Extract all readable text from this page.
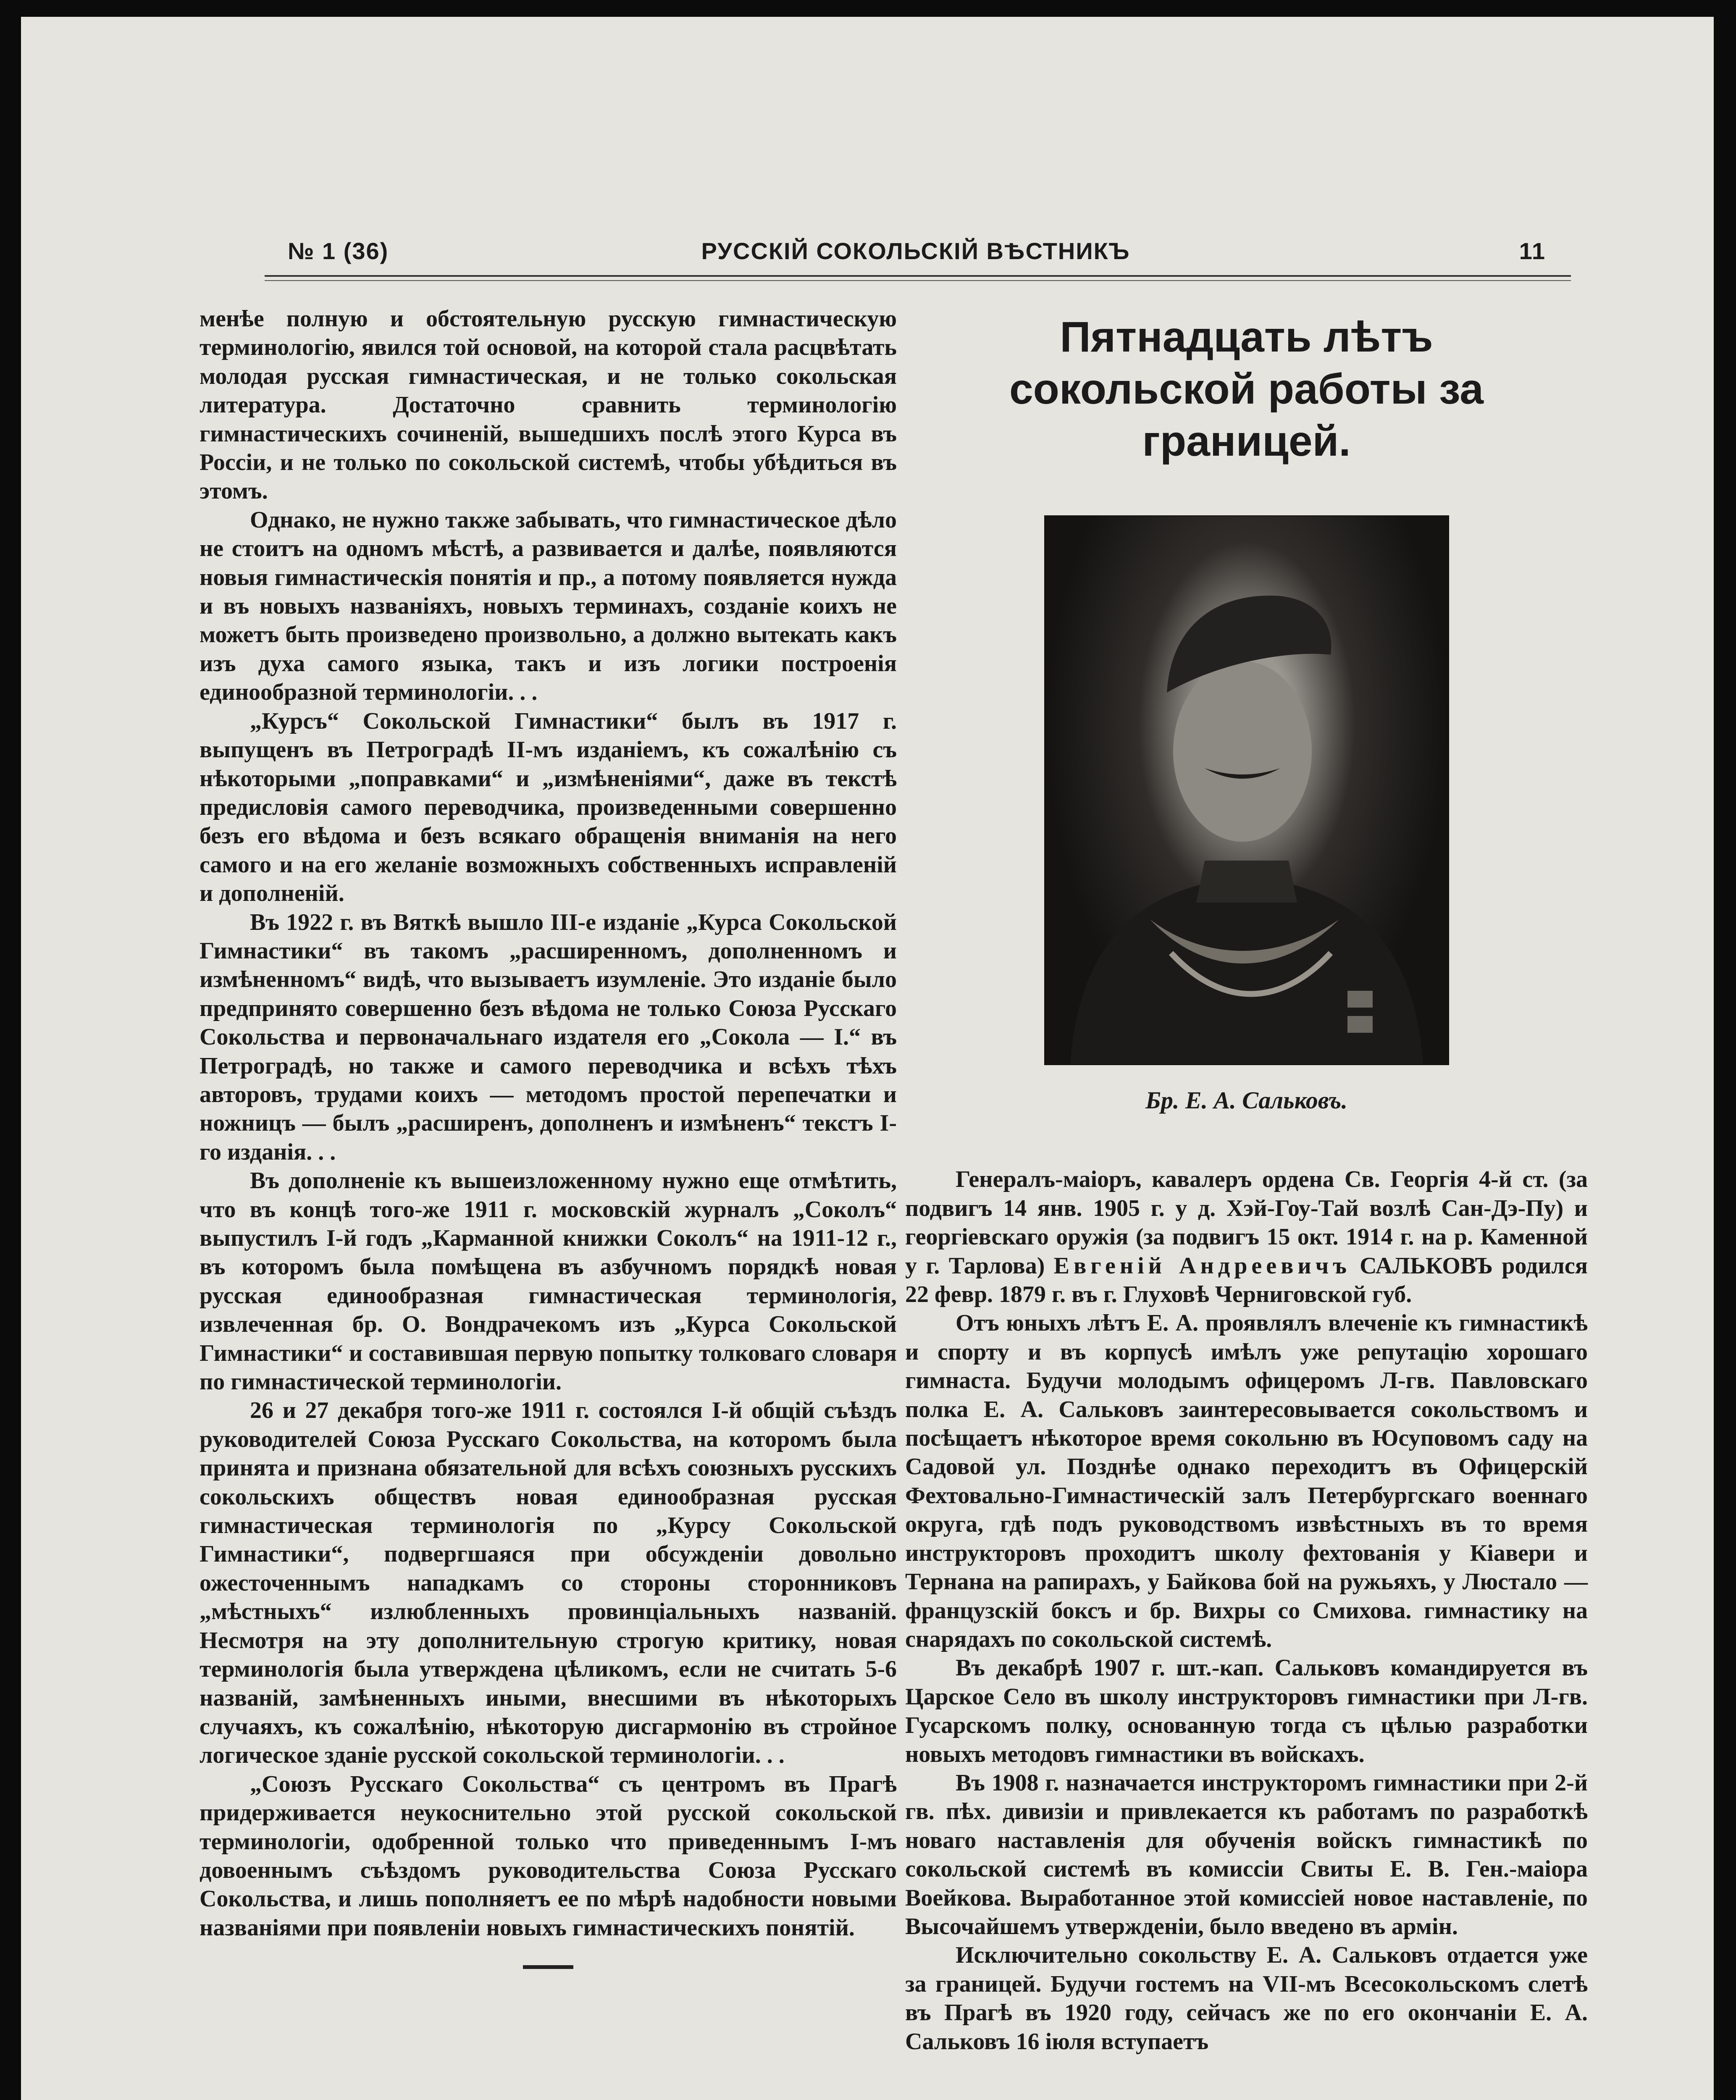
№ 1 (36)	РУССКІЙ СОКОЛЬСКІЙ ВѢСТНИКЪ	11

менѣе полную и обстоятельную русскую гимнастическую терминологію, явился той основой, на которой стала расцвѣтать молодая русская гимнастическая, и не только сокольская литература. Достаточно сравнить терминологію гимнастическихъ сочиненій, вышедшихъ послѣ этого Курса въ Россіи, и не только по сокольской системѣ, чтобы убѣдиться въ этомъ.

Однако, не нужно также забывать, что гимнастическое дѣло не стоитъ на одномъ мѣстѣ, а развивается и далѣе, появляются новыя гимнастическія понятія и пр., а потому появляется нужда и въ новыхъ названіяхъ, новыхъ терминахъ, созданіе коихъ не можетъ быть произведено произвольно, а должно вытекать какъ изъ духа самого языка, такъ и изъ логики построенія единообразной терминологіи. . .

„Курсъ“ Сокольской Гимнастики“ былъ въ 1917 г. выпущенъ въ Петроградѣ II-мъ изданіемъ, къ сожалѣнію съ нѣкоторыми „поправками“ и „измѣненіями“, даже въ текстѣ предисловія самого переводчика, произведенными совершенно безъ его вѣдома и безъ всякаго обращенія вниманія на него самого и на его желаніе возможныхъ собственныхъ исправленій и дополненій.

Въ 1922 г. въ Вяткѣ вышло III-е изданіе „Курса Сокольской Гимнастики“ въ такомъ „расширенномъ, дополненномъ и измѣненномъ“ видѣ, что вызываетъ изумленіе. Это изданіе было предпринято совершенно безъ вѣдома не только Союза Русскаго Сокольства и первоначальнаго издателя его „Сокола — I.“ въ Петроградѣ, но также и самого переводчика и всѣхъ тѣхъ авторовъ, трудами коихъ — методомъ простой перепечатки и ножницъ — былъ „расширенъ, дополненъ и измѣненъ“ текстъ I-го изданія. . .

Въ дополненіе къ вышеизложенному нужно еще отмѣтить, что въ концѣ того-же 1911 г. московскій журналъ „Соколъ“ выпустилъ I-й годъ „Карманной книжки Соколъ“ на 1911-12 г., въ которомъ была помѣщена въ азбучномъ порядкѣ новая русская единообразная гимнастическая терминологія, извлеченная бр. О. Вондрачекомъ изъ „Курса Сокольской Гимнастики“ и составившая первую попытку толковаго словаря по гимнастической терминологіи.

26 и 27 декабря того-же 1911 г. состоялся I-й общій съѣздъ руководителей Союза Русскаго Сокольства, на которомъ была принята и признана обязательной для всѣхъ союзныхъ русскихъ сокольскихъ обществъ новая единообразная русская гимнастическая терминологія по „Курсу Сокольской Гимнастики“, подвергшаяся при обсужденіи довольно ожесточеннымъ нападкамъ со стороны сторонниковъ „мѣстныхъ“ излюбленныхъ провинціальныхъ названій. Несмотря на эту дополнительную строгую критику, новая терминологія была утверждена цѣликомъ, если не считать 5-6 названій, замѣненныхъ иными, внесшими въ нѣкоторыхъ случаяхъ, къ сожалѣнію, нѣкоторую дисгармонію въ стройное логическое зданіе русской сокольской терминологіи. . .

„Союзъ Русскаго Сокольства“ съ центромъ въ Прагѣ придерживается неукоснительно этой русской сокольской терминологіи, одобренной только что приведеннымъ I-мъ довоеннымъ съѣздомъ руководительства Союза Русскаго Сокольства, и лишь пополняетъ ее по мѣрѣ надобности новыми названіями при появленіи новыхъ гимнастическихъ понятій.

Пятнадцать лѣтъ
сокольской работы за границей.
Бр. Е. А. Сальковъ.

Генералъ-маіоръ, кавалеръ ордена Св. Георгія 4-й ст. (за подвигъ 14 янв. 1905 г. у д. Хэй-Гоу-Тай возлѣ Сан-Дэ-Пу) и георгіевскаго оружія (за подвигъ 15 окт. 1914 г. на р. Каменной у г. Тарлова) Евгеній Андреевичъ САЛЬКОВЪ родился 22 февр. 1879 г. въ г. Глуховѣ Черниговской губ.

Отъ юныхъ лѣтъ Е. А. проявлялъ влеченіе къ гимнастикѣ и спорту и въ корпусѣ имѣлъ уже репутацію хорошаго гимнаста. Будучи молодымъ офицеромъ Л-гв. Павловскаго полка Е. А. Сальковъ заинтересовывается сокольствомъ и посѣщаетъ нѣкоторое время сокольню въ Юсуповомъ саду на Садовой ул. Позднѣе однако переходитъ въ Офицерскій Фехтовально-Гимнастическій залъ Петербургскаго военнаго округа, гдѣ подъ руководствомъ извѣстныхъ въ то время инструкторовъ проходитъ школу фехтованія у Кіавери и Тернана на рапирахъ, у Байкова бой на ружьяхъ, у Люстало — французскій боксъ и бр. Вихры со Смихова. гимнастику на снарядахъ по сокольской системѣ.

Въ декабрѣ 1907 г. шт.-кап. Сальковъ командируется въ Царское Село въ школу инструкторовъ гимнастики при Л-гв. Гусарскомъ полку, основанную тогда съ цѣлью разработки новыхъ методовъ гимнастики въ войскахъ.

Въ 1908 г. назначается инструкторомъ гимнастики при 2-й гв. пѣх. дивизіи и привлекается къ работамъ по разработкѣ новаго наставленія для обученія войскъ гимнастикѣ по сокольской системѣ въ комиссіи Свиты Е. В. Ген.-маіора Воейкова. Выработанное этой комиссіей новое наставленіе, по Высочайшемъ утвержденіи, было введено въ армін.

Исключительно сокольству Е. А. Сальковъ отдается уже за границей. Будучи гостемъ на VII-мъ Всесокольскомъ слетѣ въ Прагѣ въ 1920 году, сейчасъ же по его окончаніи Е. А. Сальковъ 16 іюля вступаетъ
